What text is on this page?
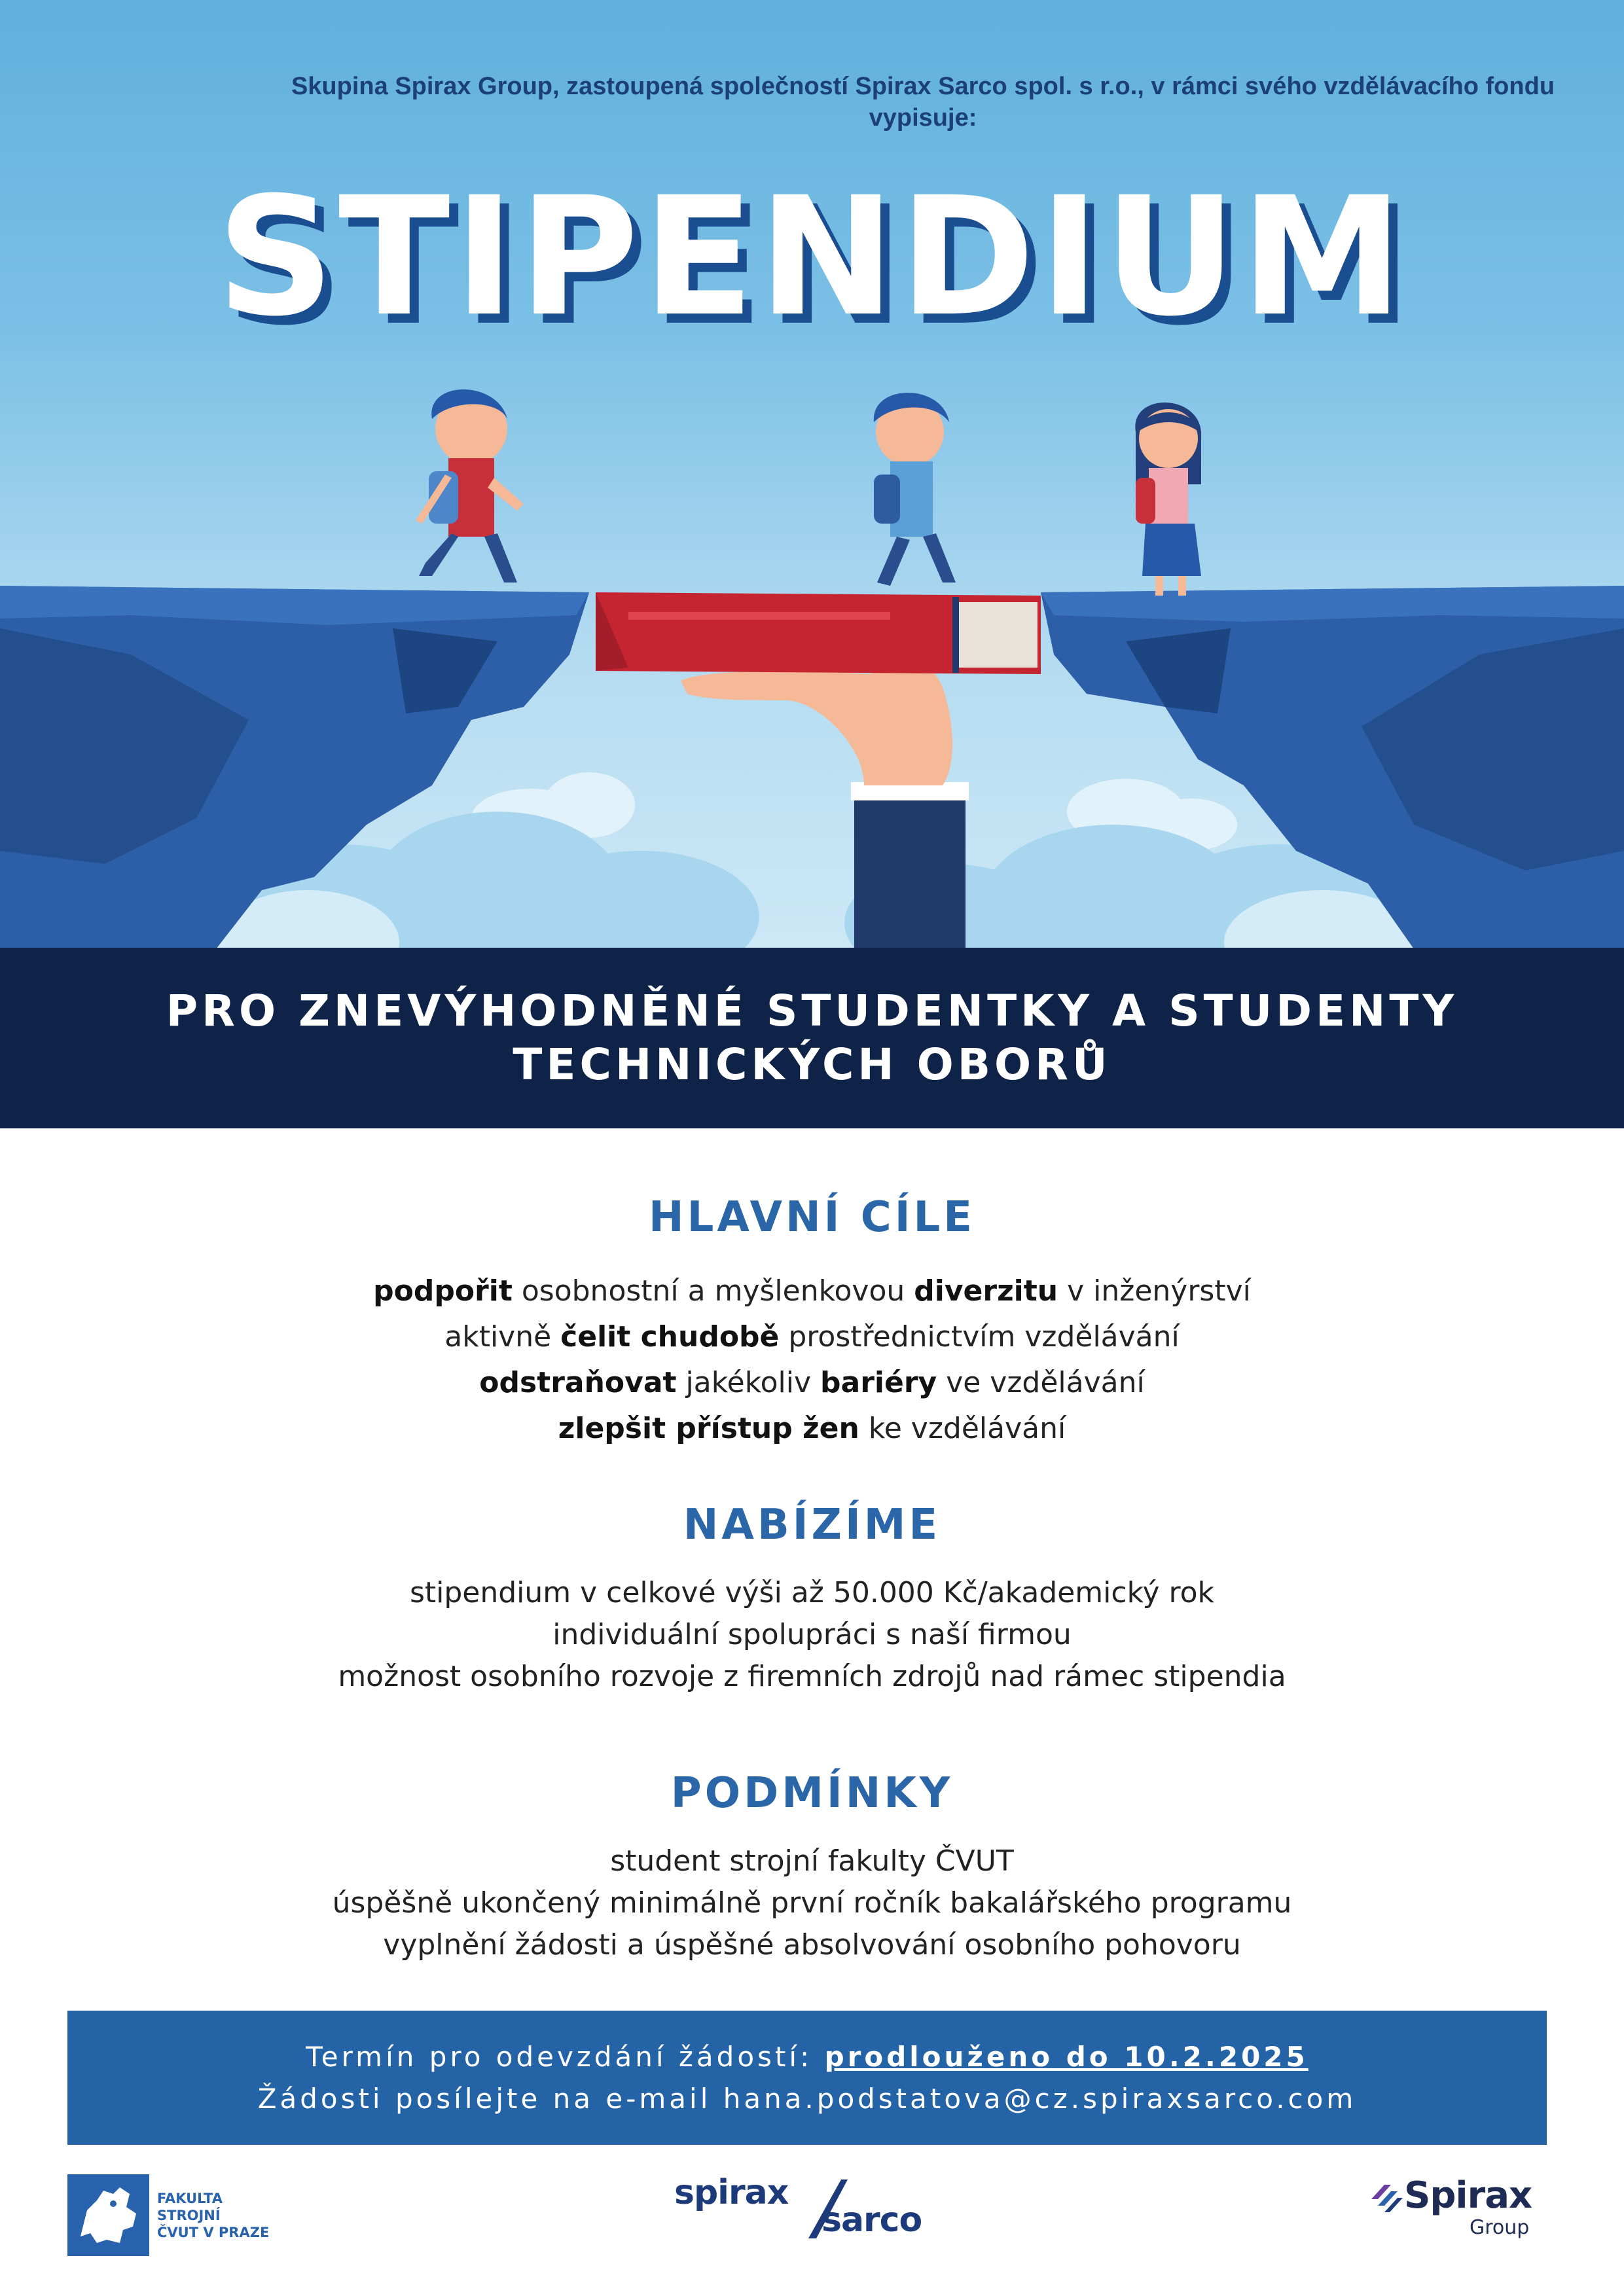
Skupina Spirax Group, zastoupená společností Spirax Sarco spol. s r.o., v rámci svého vzdělávacího fondu vypisuje:
STIPENDIUM
PRO ZNEVÝHODNĚNÉ STUDENTKY A STUDENTY TECHNICKÝCH OBORŮ
HLAVNÍ CÍLE
podpořit osobnostní a myšlenkovou diverzitu v inženýrství
aktivně čelit chudobě prostřednictvím vzdělávání
odstraňovat jakékoliv bariéry ve vzdělávání
zlepšit přístup žen ke vzdělávání
NABÍZÍME
stipendium v celkové výši až 50.000 Kč/akademický rok
individuální spolupráci s naší firmou
možnost osobního rozvoje z firemních zdrojů nad rámec stipendia
PODMÍNKY
student strojní fakulty ČVUT
úspěšně ukončený minimálně první ročník bakalářského programu
vyplnění žádosti a úspěšné absolvování osobního pohovoru
Termín pro odevzdání žádostí: prodlouženo do 10.2.2025
Žádosti posílejte na e-mail hana.podstatova@cz.spiraxsarco.com
FAKULTA
STROJNÍ
ČVUT V PRAZE
spirax
sarco
Spirax
Group
